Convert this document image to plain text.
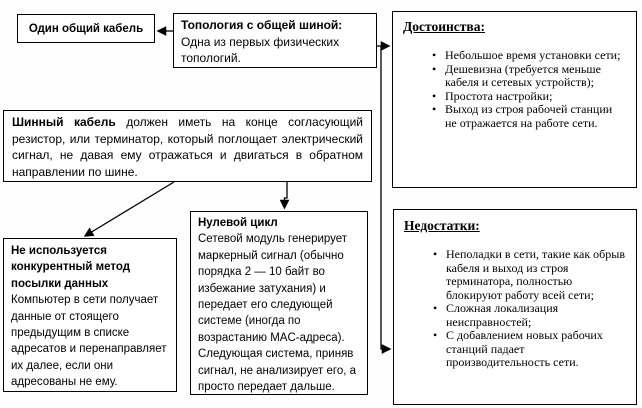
Один общий кабель	Топология с общей шиной:
Одна из первых физических топологий.
Шинный кабель должен иметь на конце согласующий резистор, или терминатор, который поглощает электрический сигнал, не давая ему отражаться и двигаться в обратном направлении по шине.
Не используется конкурентный метод посылки данных
Компьютер в сети получает данные от стоящего предыдущим в списке адресатов и перенаправляет их далее, если они адресованы не ему.
Нулевой цикл
Сетевой модуль генерирует маркерный сигнал (обычно порядка 2 — 10 байт во избежание затухания) и передает его следующей системе (иногда по возрастанию MAC-адреса). Следующая система, приняв сигнал, не анализирует его, а просто передает дальше.
Достоинства:
• Небольшое время установки сети;
• Дешевизна (требуется меньше кабеля и сетевых устройств);
• Простота настройки;
• Выход из строя рабочей станции не отражается на работе сети.
Недостатки:
• Неполадки в сети, такие как обрыв кабеля и выход из строя терминатора, полностью блокируют работу всей сети;
• Сложная локализация неисправностей;
• С добавлением новых рабочих станций падает производительность сети.
